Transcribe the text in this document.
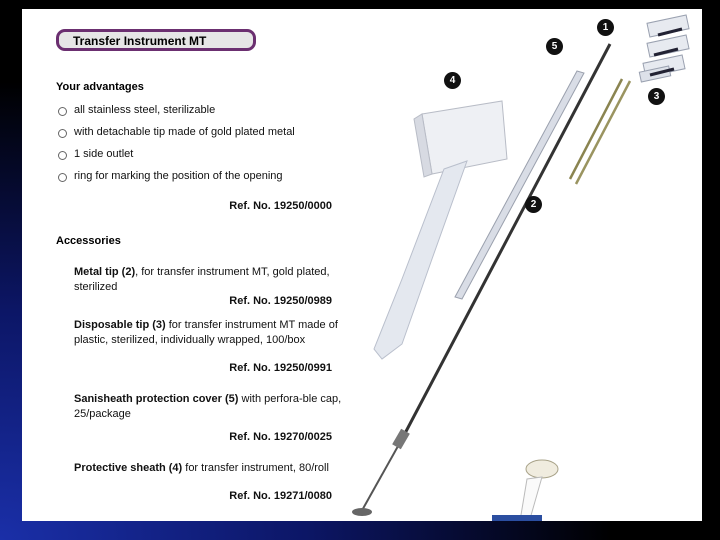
Transfer Instrument MT
Your advantages
all stainless steel, sterilizable
with detachable tip made of gold plated metal
1 side outlet
ring for marking the position of the opening
Ref. No. 19250/0000
Accessories
Metal tip (2), for transfer instrument MT, gold plated, sterilized
Ref. No. 19250/0989
Disposable tip (3) for transfer instrument MT made of plastic, sterilized, individually wrapped, 100/box
Ref. No. 19250/0991
Sanisheath protection cover (5) with perfora-ble cap, 25/package
Ref. No. 19270/0025
Protective sheath (4) for transfer instrument, 80/roll
Ref. No. 19271/0080
1
2
3
4
5
